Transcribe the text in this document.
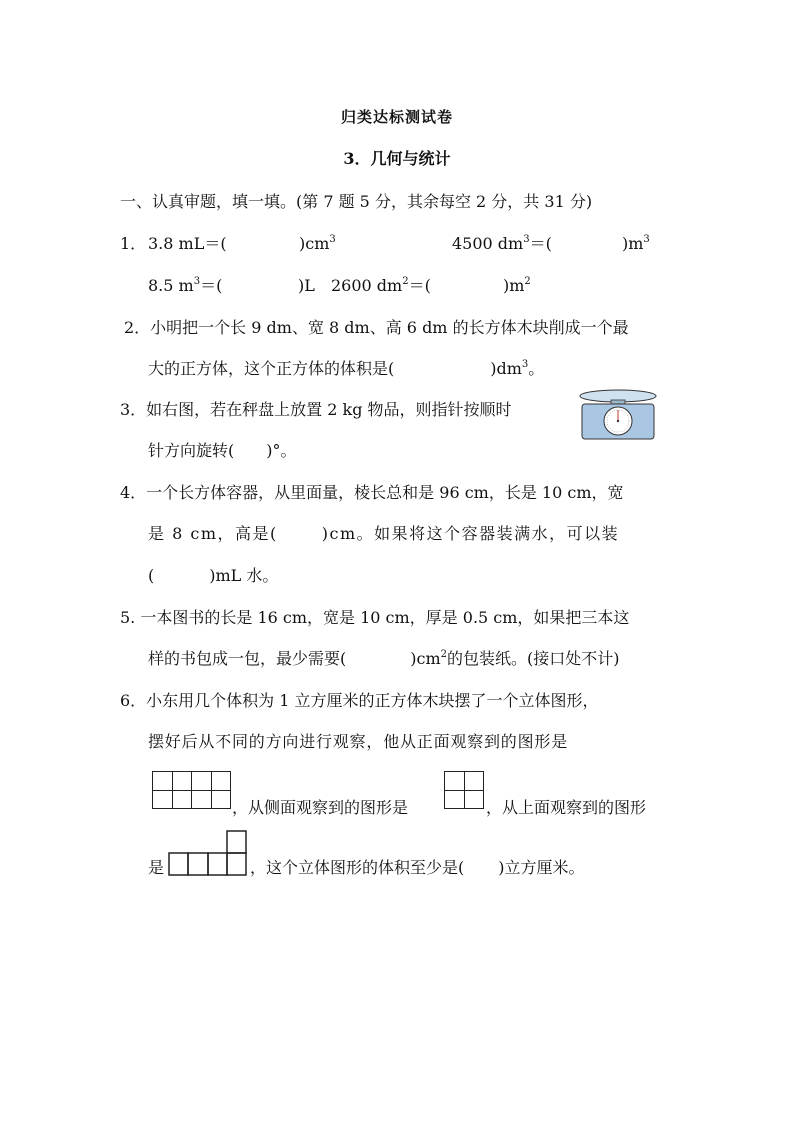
归类达标测试卷
3．几何与统计
一、认真审题，填一填。(第 7 题 5 分，其余每空 2 分，共 31 分)
1． 3.8 mL＝(	)$cm^3$	4500 $dm^3=$(	)$m^3$
8.5 $m^3=$(	)L 2600 $dm^2=$(	)$m^2$
2．小明把一个长 9 dm、宽 8 dm、高 6 dm 的长方体木块削成一个最
大的正方体，这个正方体的体积是(	)$dm^3$。
3．如右图，若在秤盘上放置 2 kg 物品，则指针按顺时
针方向旋转( )°。
4．一个长方体容器，从里面量，棱长总和是 96 cm，长是 10 cm，宽
是 8 cm，高是(	)cm。如果将这个容器装满水，可以装
(	)mL 水。
5. 一本图书的长是 16 cm，宽是 10 cm，厚是 0.5 cm，如果把三本这
样的书包成一包，最少需要(	)$cm^2$的包装纸。(接口处不计)
6．小东用几个体积为 1 立方厘米的正方体木块摆了一个立体图形，
摆好后从不同的方向进行观察，他从正面观察到的图形是
，从侧面观察到的图形是	，从上面观察到的图形
是	，这个立体图形的体积至少是( )立方厘米。
